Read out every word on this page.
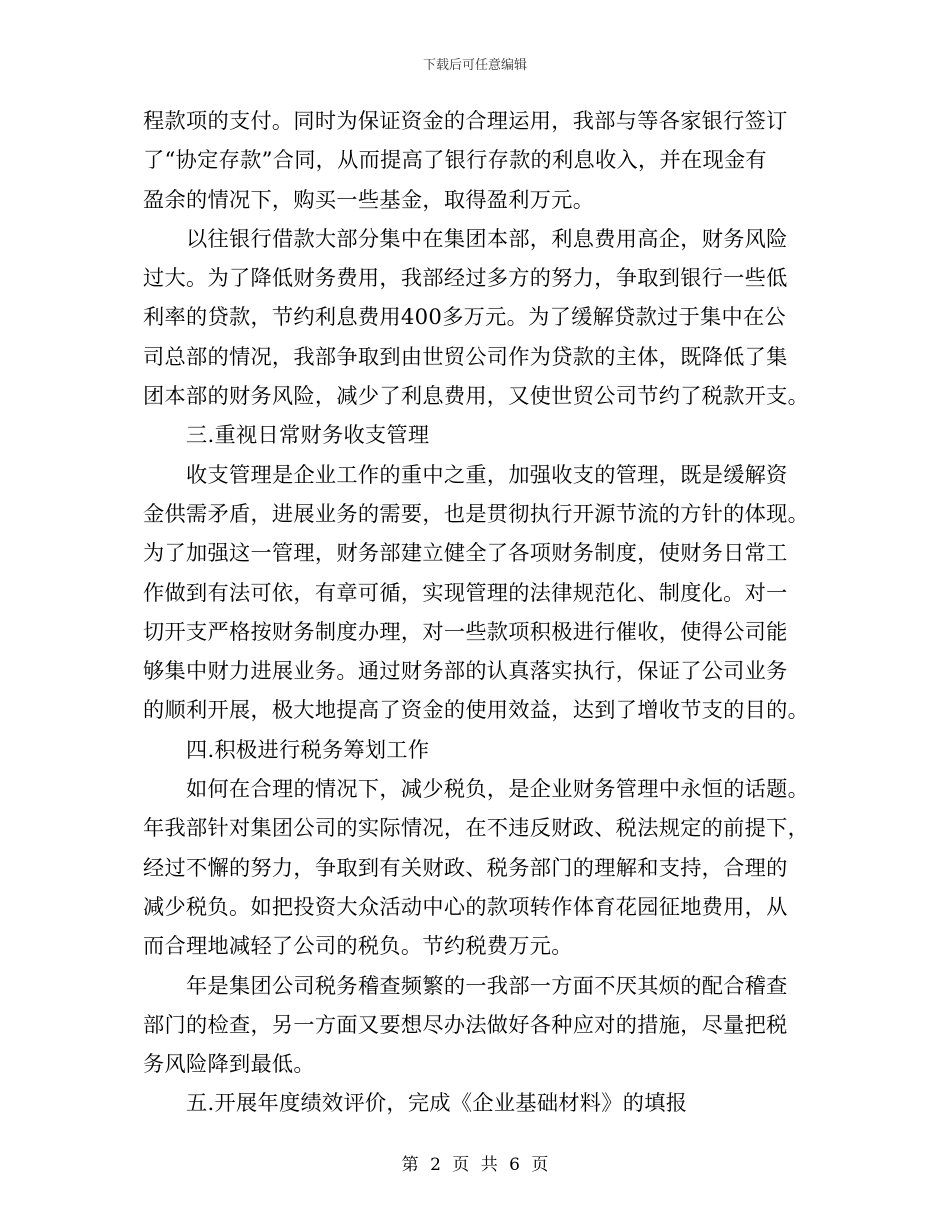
下载后可任意编辑
程款项的支付。同时为保证资金的合理运用，我部与等各家银行签订
了“协定存款”合同，从而提高了银行存款的利息收入，并在现金有
盈余的情况下，购买一些基金，取得盈利万元。
以往银行借款大部分集中在集团本部，利息费用高企，财务风险
过大。为了降低财务费用，我部经过多方的努力，争取到银行一些低
利率的贷款，节约利息费用400多万元。为了缓解贷款过于集中在公
司总部的情况，我部争取到由世贸公司作为贷款的主体，既降低了集
团本部的财务风险，减少了利息费用，又使世贸公司节约了税款开支。
三.重视日常财务收支管理
收支管理是企业工作的重中之重，加强收支的管理，既是缓解资
金供需矛盾，进展业务的需要，也是贯彻执行开源节流的方针的体现。
为了加强这一管理，财务部建立健全了各项财务制度，使财务日常工
作做到有法可依，有章可循，实现管理的法律规范化、制度化。对一
切开支严格按财务制度办理，对一些款项积极进行催收，使得公司能
够集中财力进展业务。通过财务部的认真落实执行，保证了公司业务
的顺利开展，极大地提高了资金的使用效益，达到了增收节支的目的。
四.积极进行税务筹划工作
如何在合理的情况下，减少税负，是企业财务管理中永恒的话题。
年我部针对集团公司的实际情况，在不违反财政、税法规定的前提下，
经过不懈的努力，争取到有关财政、税务部门的理解和支持，合理的
减少税负。如把投资大众活动中心的款项转作体育花园征地费用，从
而合理地减轻了公司的税负。节约税费万元。
年是集团公司税务稽查频繁的一我部一方面不厌其烦的配合稽查
部门的检查，另一方面又要想尽办法做好各种应对的措施，尽量把税
务风险降到最低。
五.开展年度绩效评价，完成《企业基础材料》的填报
第 2 页 共 6 页
